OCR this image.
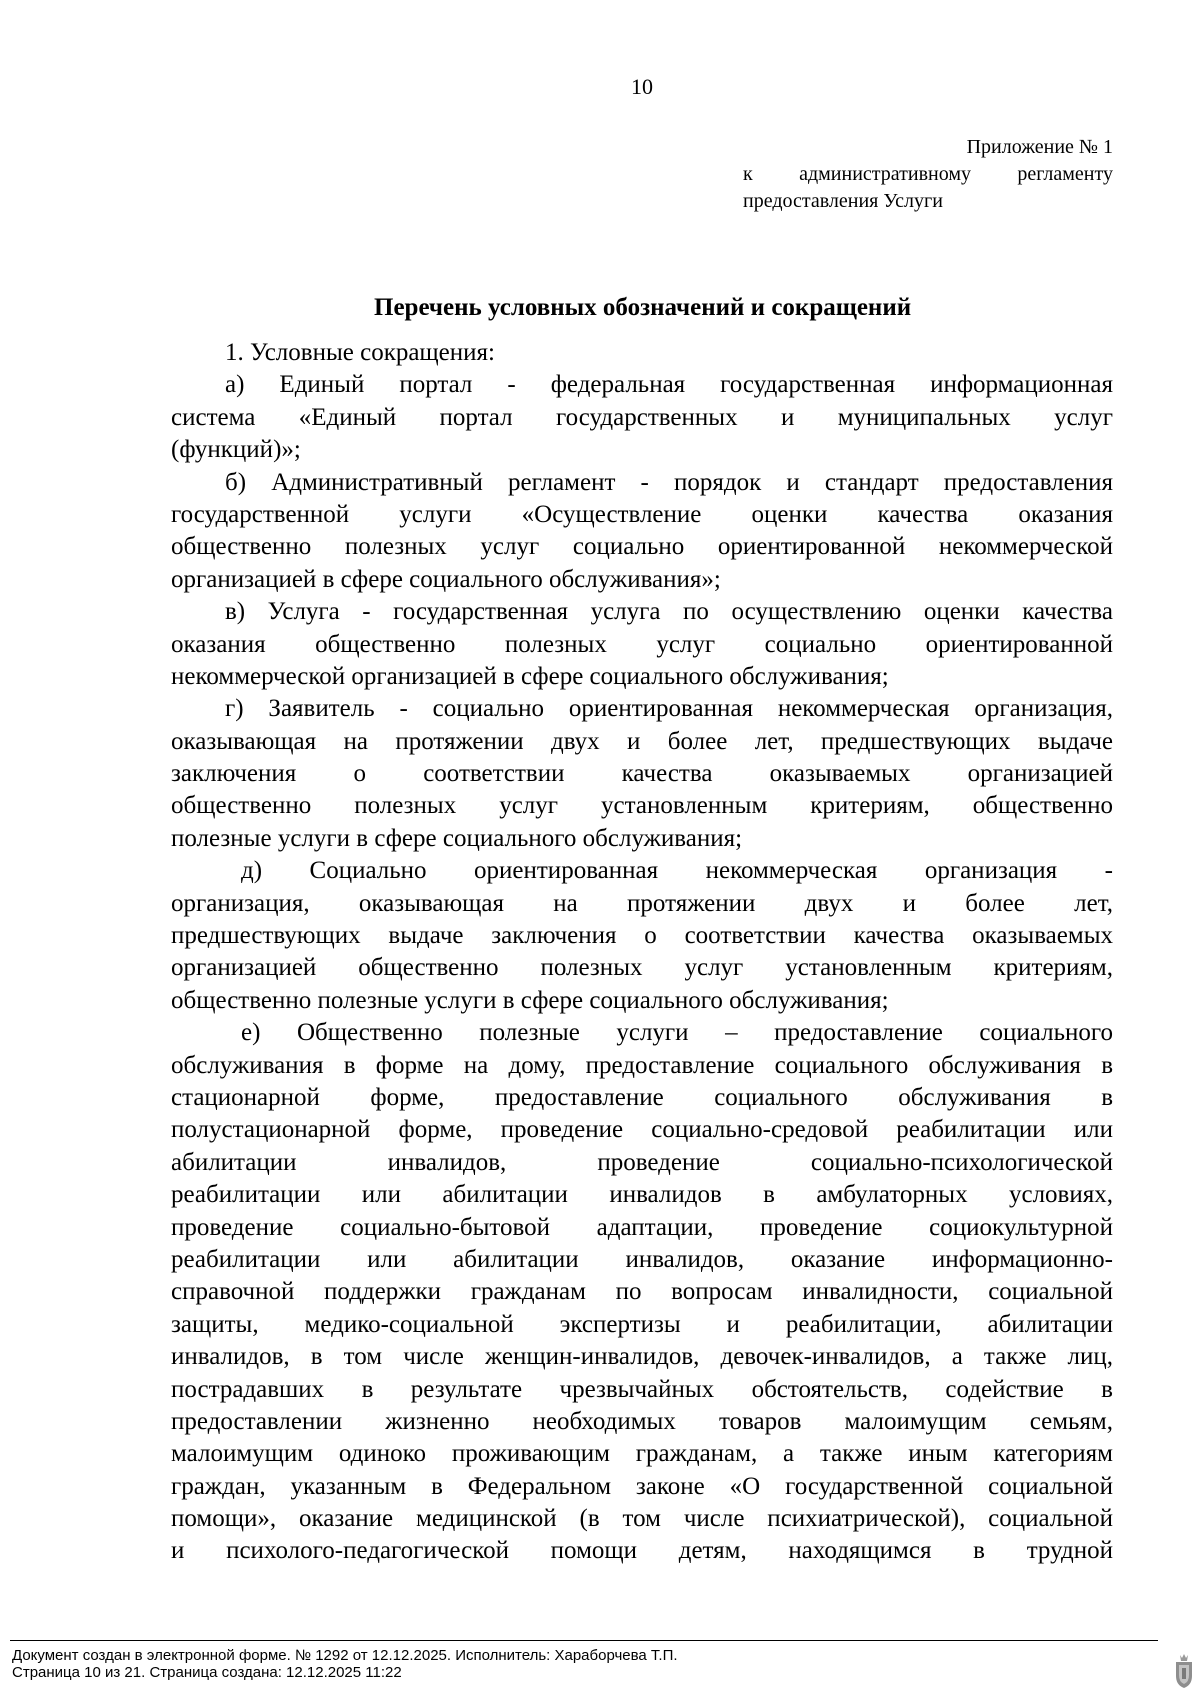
10
Приложение № 1
к административному регламенту
предоставления Услуги
Перечень условных обозначений и сокращений
1. Условные сокращения:
а) Единый портал - федеральная государственная информационная
система «Единый портал государственных и муниципальных услуг
(функций)»;
б) Административный регламент - порядок и стандарт предоставления
государственной услуги «Осуществление оценки качества оказания
общественно полезных услуг социально ориентированной некоммерческой
организацией в сфере социального обслуживания»;
в) Услуга - государственная услуга по осуществлению оценки качества
оказания общественно полезных услуг социально ориентированной
некоммерческой организацией в сфере социального обслуживания;
г) Заявитель - социально ориентированная некоммерческая организация,
оказывающая на протяжении двух и более лет, предшествующих выдаче
заключения о соответствии качества оказываемых организацией
общественно полезных услуг установленным критериям, общественно
полезные услуги в сфере социального обслуживания;
д) Социально ориентированная некоммерческая организация -
организация, оказывающая на протяжении двух и более лет,
предшествующих выдаче заключения о соответствии качества оказываемых
организацией общественно полезных услуг установленным критериям,
общественно полезные услуги в сфере социального обслуживания;
е) Общественно полезные услуги – предоставление социального
обслуживания в форме на дому, предоставление социального обслуживания в
стационарной форме, предоставление социального обслуживания в
полустационарной форме, проведение социально-средовой реабилитации или
абилитации инвалидов, проведение социально-психологической
реабилитации или абилитации инвалидов в амбулаторных условиях,
проведение социально-бытовой адаптации, проведение социокультурной
реабилитации или абилитации инвалидов, оказание информационно-
справочной поддержки гражданам по вопросам инвалидности, социальной
защиты, медико-социальной экспертизы и реабилитации, абилитации
инвалидов, в том числе женщин-инвалидов, девочек-инвалидов, а также лиц,
пострадавших в результате чрезвычайных обстоятельств, содействие в
предоставлении жизненно необходимых товаров малоимущим семьям,
малоимущим одиноко проживающим гражданам, а также иным категориям
граждан, указанным в Федеральном законе «О государственной социальной
помощи», оказание медицинской (в том числе психиатрической), социальной
и психолого-педагогической помощи детям, находящимся в трудной
Документ создан в электронной форме. № 1292 от 12.12.2025. Исполнитель: Хараборчева Т.П.
Страница 10 из 21. Страница создана: 12.12.2025 11:22
